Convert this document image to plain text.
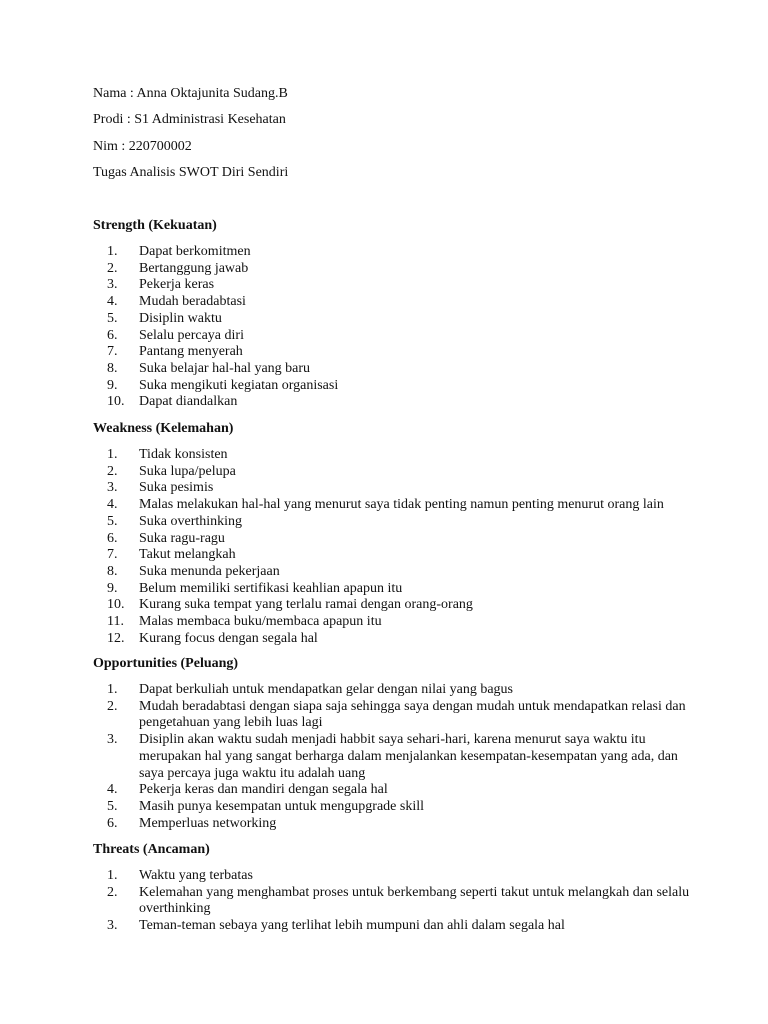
Nama : Anna Oktajunita Sudang.B

Prodi : S1 Administrasi Kesehatan

Nim : 220700002

Tugas Analisis SWOT Diri Sendiri

Strength (Kekuatan)

1.	Dapat berkomitmen
2.	Bertanggung jawab
3.	Pekerja keras
4.	Mudah beradabtasi
5.	Disiplin waktu
6.	Selalu percaya diri
7.	Pantang menyerah
8.	Suka belajar hal-hal yang baru
9.	Suka mengikuti kegiatan organisasi
10.	Dapat diandalkan

Weakness (Kelemahan)

1.	Tidak konsisten
2.	Suka lupa/pelupa
3.	Suka pesimis
4.	Malas melakukan hal-hal yang menurut saya tidak penting namun penting menurut orang lain
5.	Suka overthinking
6.	Suka ragu-ragu
7.	Takut melangkah
8.	Suka menunda pekerjaan
9.	Belum memiliki sertifikasi keahlian apapun itu
10.	Kurang suka tempat yang terlalu ramai dengan orang-orang
11.	Malas membaca buku/membaca apapun itu
12.	Kurang focus dengan segala hal

Opportunities (Peluang)

1.	Dapat berkuliah untuk mendapatkan gelar dengan nilai yang bagus
2.	Mudah beradabtasi dengan siapa saja sehingga saya dengan mudah untuk mendapatkan relasi dan pengetahuan yang lebih luas lagi
3.	Disiplin akan waktu sudah menjadi habbit saya sehari-hari, karena menurut saya waktu itu merupakan hal yang sangat berharga dalam menjalankan kesempatan-kesempatan yang ada, dan saya percaya juga waktu itu adalah uang
4.	Pekerja keras dan mandiri dengan segala hal
5.	Masih punya kesempatan untuk mengupgrade skill
6.	Memperluas networking

Threats (Ancaman)

1.	Waktu yang terbatas
2.	Kelemahan yang menghambat proses untuk berkembang seperti takut untuk melangkah dan selalu overthinking
3.	Teman-teman sebaya yang terlihat lebih mumpuni dan ahli dalam segala hal
